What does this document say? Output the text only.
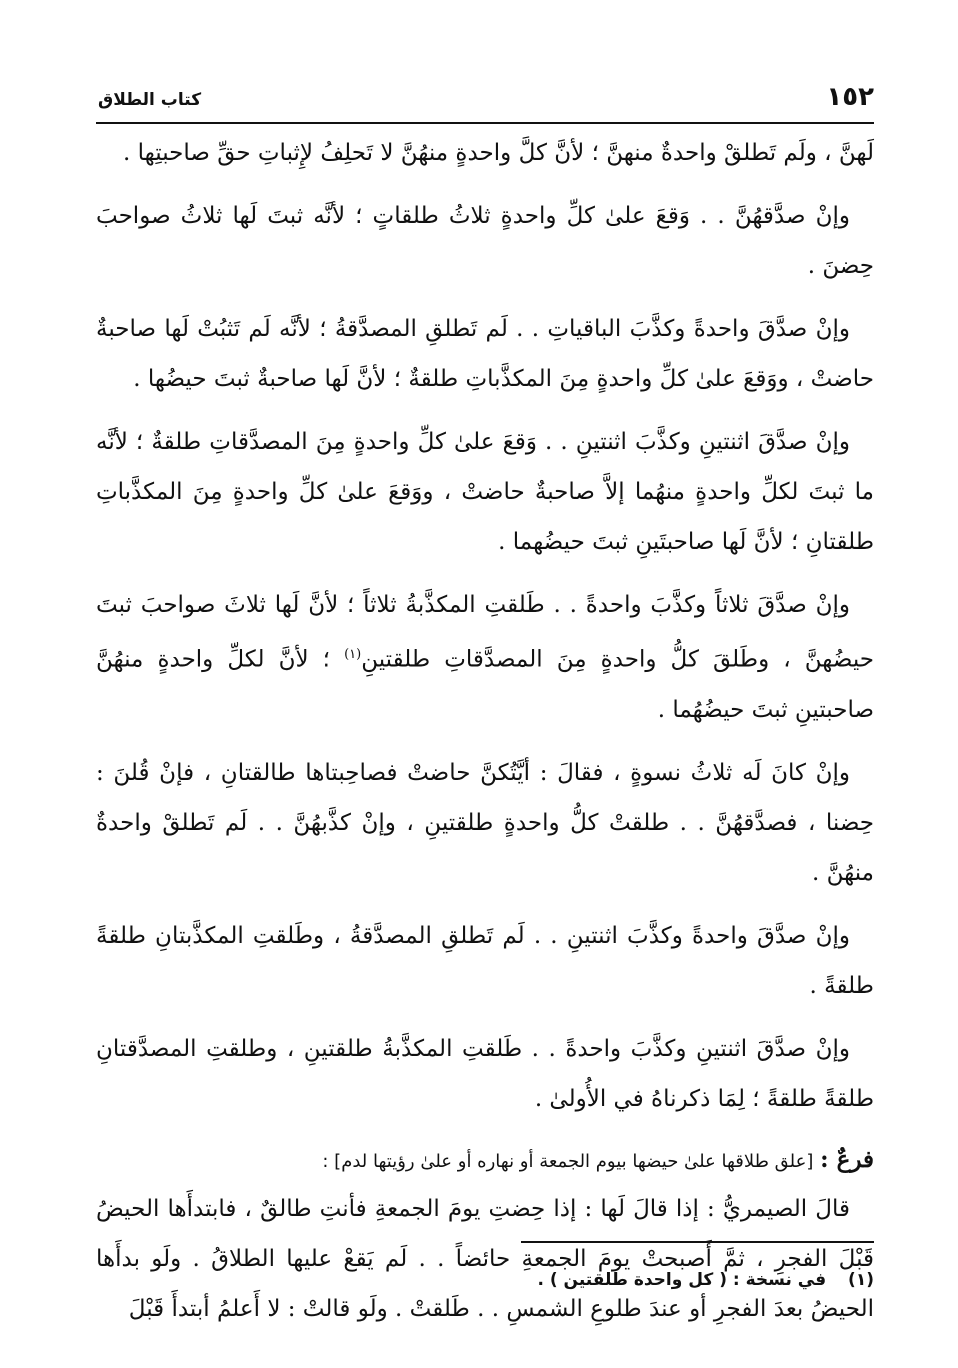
١٥٢
كتاب الطلاق

لَهنَّ ، ولَم تَطلقْ واحدةٌ منهنَّ ؛ لأنَّ كلَّ واحدةٍ منهُنَّ لا تَحلِفُ لإِثباتِ حقِّ صاحبتِها .

وإنْ صدَّقهُنَّ . . وَقعَ علىٰ كلِّ واحدةٍ ثلاثُ طلقاتٍ ؛ لأنَّه ثبتَ لَها ثلاثُ صواحبَ حِضنَ .

وإنْ صدَّقَ واحدةً وكذَّبَ الباقياتِ . . لَم تَطلقِ المصدَّقةُ ؛ لأنَّه لَم تَثبُتْ لَها صاحبةٌ حاضتْ ، ووَقعَ علىٰ كلِّ واحدةٍ مِنَ المكذَّباتِ طلقةٌ ؛ لأنَّ لَها صاحبةٌ ثبتَ حيضُها .

وإنْ صدَّقَ اثنتينِ وكذَّبَ اثنتينِ . . وَقعَ علىٰ كلِّ واحدةٍ مِنَ المصدَّقاتِ طلقةٌ ؛ لأنَّه ما ثبتَ لكلِّ واحدةٍ منهُما إلاَّ صاحبةٌ حاضتْ ، ووَقعَ علىٰ كلِّ واحدةٍ مِنَ المكذَّباتِ طلقتانِ ؛ لأنَّ لَها صاحبتَينِ ثبتَ حيضُهما .

وإنْ صدَّقَ ثلاثاً وكذَّبَ واحدةً . . طَلقتِ المكذَّبةُ ثلاثاً ؛ لأنَّ لَها ثلاثَ صواحبَ ثبتَ حيضُهنَّ ، وطَلقَ كلُّ واحدةٍ مِنَ المصدَّقاتِ طلقتينِ$^{(١)}$ ؛ لأنَّ لكلِّ واحدةٍ منهُنَّ صاحبتينِ ثبتَ حيضُهُما .

وإنْ كانَ لَه ثلاثُ نسوةٍ ، فقالَ : أيَّتُكنَّ حاضتْ فصاحِبتاها طالقتانِ ، فإنْ قُلنَ : حِضنا ، فصدَّقهُنَّ . . طلقتْ كلُّ واحدةٍ طلقتينِ ، وإنْ كذَّبهُنَّ . . لَم تَطلقْ واحدةٌ منهُنَّ .

وإنْ صدَّقَ واحدةً وكذَّبَ اثنتينِ . . لَم تَطلقِ المصدَّقةُ ، وطَلقتِ المكذَّبتانِ طلقةً طلقةً .

وإنْ صدَّقَ اثنتينِ وكذَّبَ واحدةً . . طَلقتِ المكذَّبةُ طلقتينِ ، وطلقتِ المصدَّقتانِ طلقةً طلقةً ؛ لِمَا ذكرناهُ في الأُولىٰ .

فرعٌ : [علق طلاقها علىٰ حيضها بيوم الجمعة أو نهاره أو علىٰ رؤيتها لدم] :

قالَ الصيمريُّ : إذا قالَ لَها : إذا حِضتِ يومَ الجمعةِ فأنتِ طالقٌ ، فابتدأَها الحيضُ قَبْلَ الفجرِ ، ثمَّ أَصبحتْ يومَ الجمعةِ حائضاً . . لَم يَقعْ عليها الطلاقُ . ولَو بدأَها الحيضُ بعدَ الفجرِ أو عندَ طلوعِ الشمسِ . . طَلقتْ . ولَو قالتْ : لا أَعلمُ أبتدأَ قَبْلَ

(١) في نسخة : ( كل واحدة طلقتين ) .
